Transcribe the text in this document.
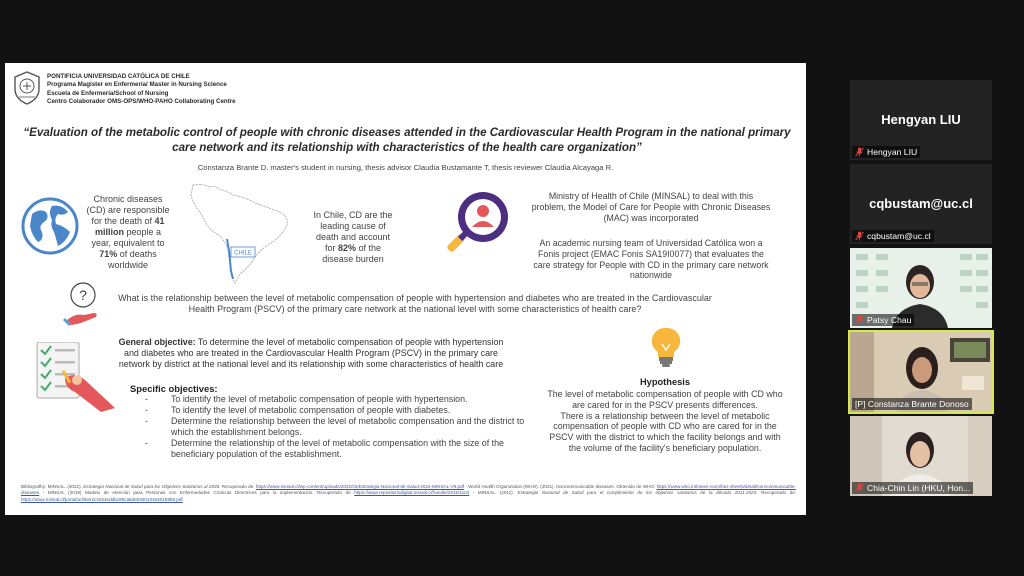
PONTIFICIA UNIVERSIDAD CATÓLICA DE CHILE
Programa Magister en Enfermería/ Master in Nursing Science
Escuela de Enfermería/School of Nursing
Centro Colaborador OMS-OPS/WHO-PAHO Collaborating Centre
“Evaluation of the metabolic control of people with chronic diseases attended in the Cardiovascular Health Program in the national primary care network and its relationship with characteristics of the health care organization”
Constanza Brante D. master's student in nursing, thesis advisor Claudia Bustamante T, thesis reviewer Claudia Alcayaga R.
Chronic diseases (CD) are responsible for the death of 41 million people a year, equivalent to 71% of deaths worldwide
CHILE
In Chile, CD are the leading cause of death and account for 82% of the disease burden
Ministry of Health of Chile (MINSAL) to deal with this problem, the Model of Care for People with Chronic Diseases (MAC) was incorporated
An academic nursing team of Universidad Católica won a Fonis project (EMAC Fonis SA19I0077) that evaluates the care strategy for People with CD in the primary care network nationwide
?	What is the relationship between the level of metabolic compensation of people with hypertension and diabetes who are treated in the Cardiovascular Health Program (PSCV) of the primary care network at the national level with some characteristics of health care?
General objective: To determine the level of metabolic compensation of people with hypertension and diabetes who are treated in the Cardiovascular Health Program (PSCV) in the primary care network by district at the national level and its relationship with some characteristics of health care
Specific objectives:
- To identify the level of metabolic compensation of people with hypertension.
- To identify the level of metabolic compensation of people with diabetes.
- Determine the relationship between the level of metabolic compensation and the district to which the establishment belongs.
- Determine the relationship of the level of metabolic compensation with the size of the beneficiary population of the establishment.
Hypothesis
The level of metabolic compensation of people with CD who are cared for in the PSCV presents differences.
There is a relationship between the level of metabolic compensation of people with CD who are cared for in the PSCV with the district to which the facility belongs and with the volume of the facility's beneficiary population.
Bibliografhy: MINSAL. (2022). Estrategia Nacional de Salud para los Objetivos Sanitarios al 2030. Recuperado de: https://www.minsal.cl/wp-content/uploads/2022/03/Estrategia-Nacional-de-Salud-2022-MINSAL-V8.pdf - World Health Organization (WHO). (2021). Noncommunicable diseases. Obtenido de WHO: https://www.who.int/news-room/fact-sheets/detail/noncommunicable-diseases - MINSAL (2019) Modelo de Atención para Personas con Enfermedades Crónicas Directrices para la implementación. Recuperado de https://www.repositoriodigital.minsal.cl/handle/2015/1103 - MINSAL. (2011). Estrategia Nacional de Salud para el cumplimiento de los objetivos sanitarios de la década 2011-2020. Recuperado de: https://www.minsal.cl/portal/url/item/c4034eddbc96ca6de0400101640159b8.pdf
Hengyan LIU
Hengyan LIU
cqbustam@uc.cl
cqbustam@uc.cl
Patsy Chau
[P] Constanza Brante Donoso
Chia-Chin Lin (HKU, Hon...
